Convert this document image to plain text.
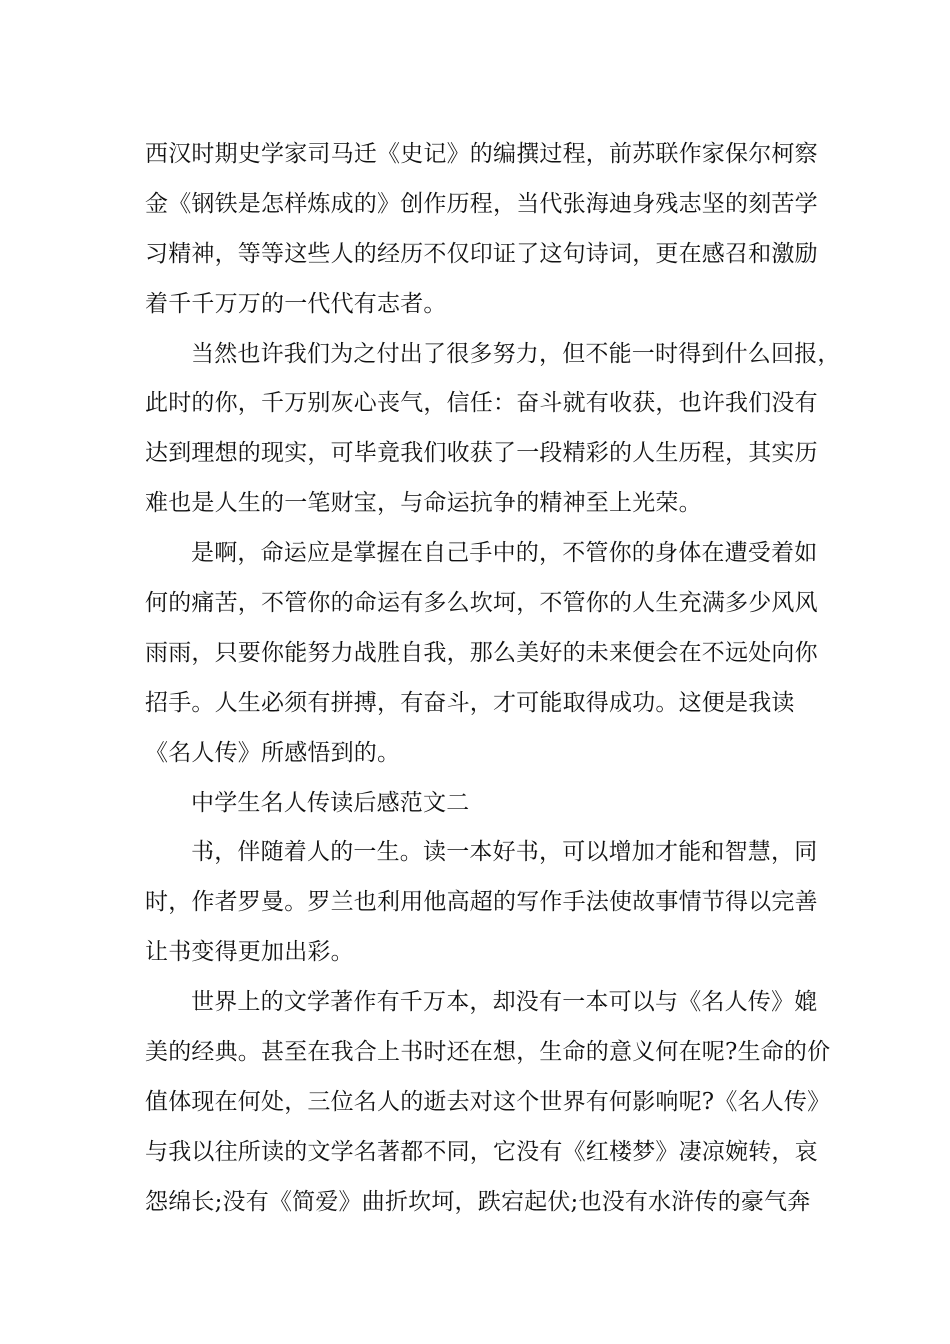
西汉时期史学家司马迁《史记》的编撰过程，前苏联作家保尔柯察
金《钢铁是怎样炼成的》创作历程，当代张海迪身残志坚的刻苦学
习精神，等等这些人的经历不仅印证了这句诗词，更在感召和激励
着千千万万的一代代有志者。
当然也许我们为之付出了很多努力，但不能一时得到什么回报，
此时的你，千万别灰心丧气，信任：奋斗就有收获，也许我们没有
达到理想的现实，可毕竟我们收获了一段精彩的人生历程，其实历
难也是人生的一笔财宝，与命运抗争的精神至上光荣。
是啊，命运应是掌握在自己手中的，不管你的身体在遭受着如
何的痛苦，不管你的命运有多么坎坷，不管你的人生充满多少风风
雨雨，只要你能努力战胜自我，那么美好的未来便会在不远处向你
招手。人生必须有拼搏，有奋斗，才可能取得成功。这便是我读
《名人传》所感悟到的。
中学生名人传读后感范文二
书，伴随着人的一生。读一本好书，可以增加才能和智慧，同
时，作者罗曼。罗兰也利用他高超的写作手法使故事情节得以完善
让书变得更加出彩。
世界上的文学著作有千万本，却没有一本可以与《名人传》媲
美的经典。甚至在我合上书时还在想，生命的意义何在呢?生命的价
值体现在何处，三位名人的逝去对这个世界有何影响呢?《名人传》
与我以往所读的文学名著都不同，它没有《红楼梦》凄凉婉转，哀
怨绵长;没有《简爱》曲折坎坷，跌宕起伏;也没有水浒传的豪气奔
